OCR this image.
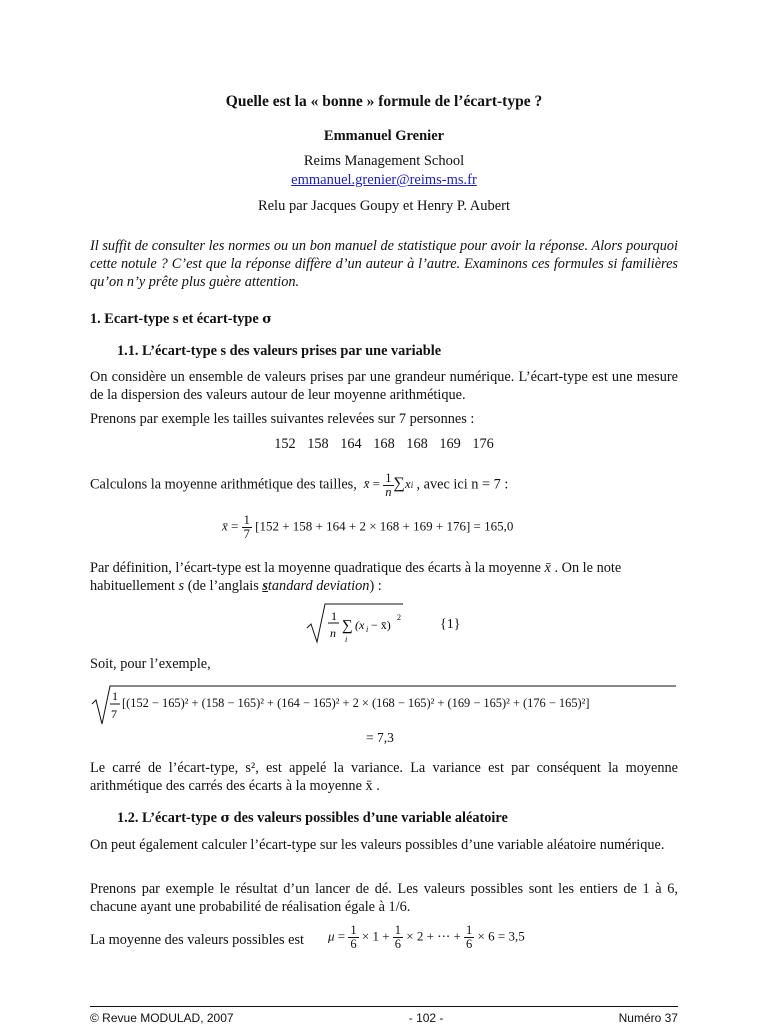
Quelle est la « bonne » formule de l’écart-type ?
Emmanuel Grenier
Reims Management School
emmanuel.grenier@reims-ms.fr
Relu par Jacques Goupy et Henry P. Aubert
Il suffit de consulter les normes ou un bon manuel de statistique pour avoir la réponse. Alors pourquoi cette notule ? C’est que la réponse diffère d’un auteur à l’autre. Examinons ces formules si familières qu’on n’y prête plus guère attention.
1. Ecart-type s et écart-type σ
1.1. L’écart-type s des valeurs prises par une variable
On considère un ensemble de valeurs prises par une grandeur numérique. L’écart-type est une mesure de la dispersion des valeurs autour de leur moyenne arithmétique.
Prenons par exemple les tailles suivantes relevées sur 7 personnes :
152 158 164 168 168 169 176
Calculons la moyenne arithmétique des tailles, x̄ = $\frac{1}{n} \sum xi$ , avec ici n = 7 :
x̄ = $\frac{1}{7} [152 + 158 + 164 + 2 \times 168 + 169 + 176] = 165,0$
Par définition, l’écart-type est la moyenne quadratique des écarts à la moyenne x̄ . On le note
habituellement s (de l’anglais standard deviation) :
1
n ∑
i
(x i − x̄)
2	{1}
Soit, pour l’exemple,
1
7
[(152 − 165)² + (158 − 165)² + (164 − 165)² + 2 × (168 − 165)² + (169 − 165)² + (176 − 165)²]
= 7,3
Le carré de l’écart-type, s², est appelé la variance. La variance est par conséquent la moyenne arithmétique des carrés des écarts à la moyenne x̄ .
1.2. L’écart-type σ des valeurs possibles d’une variable aléatoire
On peut également calculer l’écart-type sur les valeurs possibles d’une variable aléatoire numérique.
Prenons par exemple le résultat d’un lancer de dé. Les valeurs possibles sont les entiers de 1 à 6, chacune ayant une probabilité de réalisation égale à 1/6.
La moyenne des valeurs possibles est $\mu = \frac{1}{6} \times 1 + \frac{1}{6} \times 2$ + ⋯ + $\frac{1}{6} \times 6 = 3,5$
© Revue MODULAD, 2007	- 102 -	Numéro 37
